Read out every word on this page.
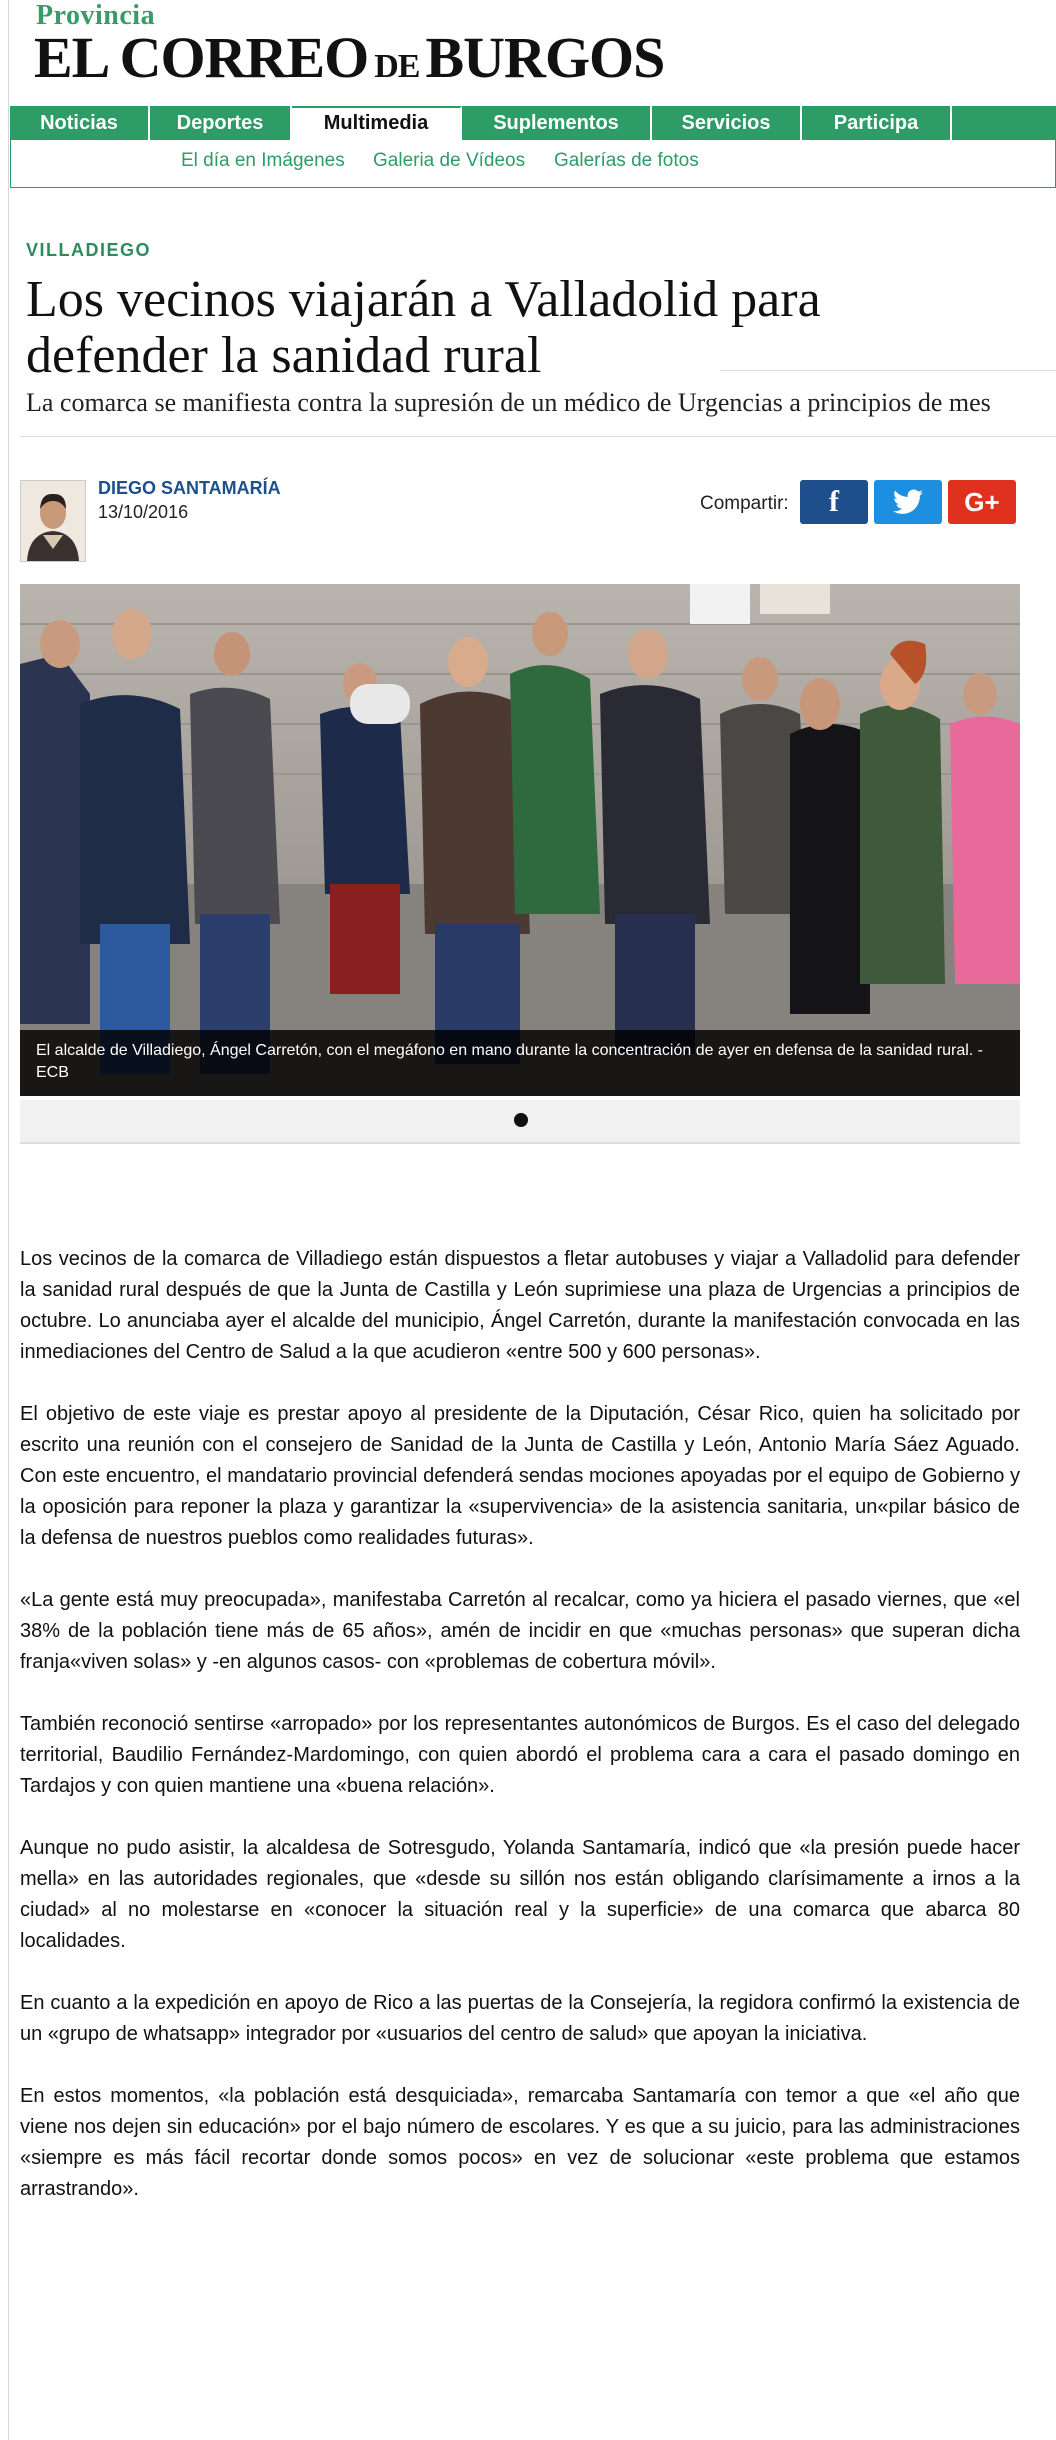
Provincia
EL CORREO DE BURGOS
Noticias	Deportes	Multimedia	Suplementos	Servicios	Participa
El día en Imágenes Galeria de Vídeos Galerías de fotos
VILLADIEGO
Los vecinos viajarán a Valladolid para defender la sanidad rural
La comarca se manifiesta contra la supresión de un médico de Urgencias a principios de mes
DIEGO SANTAMARÍA
13/10/2016	Compartir:	f	G+
El alcalde de Villadiego, Ángel Carretón, con el megáfono en mano durante la concentración de ayer en defensa de la sanidad rural. - ECB

Los vecinos de la comarca de Villadiego están dispuestos a fletar autobuses y viajar a Valladolid para defender la sanidad rural después de que la Junta de Castilla y León suprimiese una plaza de Urgencias a principios de octubre. Lo anunciaba ayer el alcalde del municipio, Ángel Carretón, durante la manifestación convocada en las inmediaciones del Centro de Salud a la que acudieron «entre 500 y 600 personas».

El objetivo de este viaje es prestar apoyo al presidente de la Diputación, César Rico, quien ha solicitado por escrito una reunión con el consejero de Sanidad de la Junta de Castilla y León, Antonio María Sáez Aguado. Con este encuentro, el mandatario provincial defenderá sendas mociones apoyadas por el equipo de Gobierno y la oposición para reponer la plaza y garantizar la «supervivencia» de la asistencia sanitaria, un«pilar básico de la defensa de nuestros pueblos como realidades futuras».

«La gente está muy preocupada», manifestaba Carretón al recalcar, como ya hiciera el pasado viernes, que «el 38% de la población tiene más de 65 años», amén de incidir en que «muchas personas» que superan dicha franja«viven solas» y -en algunos casos- con «problemas de cobertura móvil».

También reconoció sentirse «arropado» por los representantes autonómicos de Burgos. Es el caso del delegado territorial, Baudilio Fernández-Mardomingo, con quien abordó el problema cara a cara el pasado domingo en Tardajos y con quien mantiene una «buena relación».

Aunque no pudo asistir, la alcaldesa de Sotresgudo, Yolanda Santamaría, indicó que «la presión puede hacer mella» en las autoridades regionales, que «desde su sillón nos están obligando clarísimamente a irnos a la ciudad» al no molestarse en «conocer la situación real y la superficie» de una comarca que abarca 80 localidades.

En cuanto a la expedición en apoyo de Rico a las puertas de la Consejería, la regidora confirmó la existencia de un «grupo de whatsapp» integrador por «usuarios del centro de salud» que apoyan la iniciativa.

En estos momentos, «la población está desquiciada», remarcaba Santamaría con temor a que «el año que viene nos dejen sin educación» por el bajo número de escolares. Y es que a su juicio, para las administraciones «siempre es más fácil recortar donde somos pocos» en vez de solucionar «este problema que estamos arrastrando».
